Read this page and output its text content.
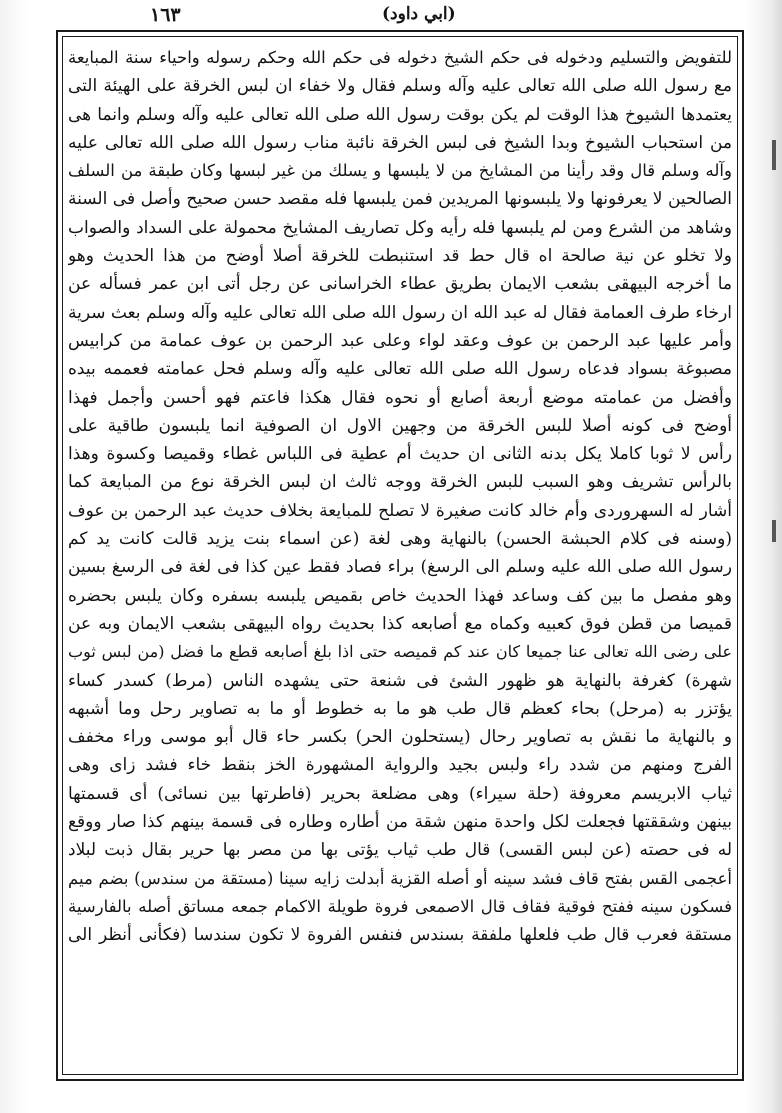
١٦٣	(ابي داود)
للتفويض والتسليم ودخوله فى حكم الشيخ دخوله فى حكم الله وحكم رسوله واحياء سنة المبايعة
مع رسول الله صلى الله تعالى عليه وآله وسلم فقال ولا خفاء ان لبس الخرقة على الهيئة التى
يعتمدها الشيوخ هذا الوقت لم يكن بوقت رسول الله صلى الله تعالى عليه وآله وسلم وانما هى
من استحباب الشيوخ وبدا الشيخ فى لبس الخرقة نائبة مناب رسول الله صلى الله تعالى عليه
وآله وسلم قال وقد رأينا من المشايخ من لا يلبسها و يسلك من غير لبسها وكان طبقة من السلف
الصالحين لا يعرفونها ولا يلبسونها المريدين فمن يلبسها فله مقصد حسن صحيح وأصل فى السنة
وشاهد من الشرع ومن لم يلبسها فله رأيه وكل تصاريف المشايخ محمولة على السداد والصواب
ولا تخلو عن نية صالحة اه قال حط قد استنبطت للخرقة أصلا أوضح من هذا الحديث وهو
ما أخرجه البيهقى بشعب الايمان بطريق عطاء الخراسانى عن رجل أتى ابن عمر فسأله عن
ارخاء طرف العمامة فقال له عبد الله ان رسول الله صلى الله تعالى عليه وآله وسلم بعث سرية
وأمر عليها عبد الرحمن بن عوف وعقد لواء وعلى عبد الرحمن بن عوف عمامة من كرابيس
مصبوغة بسواد فدعاه رسول الله صلى الله تعالى عليه وآله وسلم فحل عمامته فعممه بيده
وأفضل من عمامته موضع أربعة أصابع أو نحوه فقال هكذا فاعتم فهو أحسن وأجمل فهذا
أوضح فى كونه أصلا للبس الخرقة من وجهين الاول ان الصوفية انما يلبسون طاقية على
رأس لا ثوبا كاملا يكل بدنه الثانى ان حديث أم عطية فى اللباس غطاء وقميصا وكسوة وهذا
بالرأس تشريف وهو السبب للبس الخرقة ووجه ثالث ان لبس الخرقة نوع من المبايعة كما
أشار له السهروردى وأم خالد كانت صغيرة لا تصلح للمبايعة بخلاف حديث عبد الرحمن بن عوف
(وسنه فى كلام الحبشة الحسن) بالنهاية وهى لغة (عن اسماء بنت يزيد قالت كانت يد كم
رسول الله صلى الله عليه وسلم الى الرسغ) براء فصاد فقط عين كذا فى لغة فى الرسغ بسين
وهو مفصل ما بين كف وساعد فهذا الحديث خاص بقميص يلبسه بسفره وكان يلبس بحضره
قميصا من قطن فوق كعبيه وكماه مع أصابعه كذا بحديث رواه البيهقى بشعب الايمان وبه عن
على رضى الله تعالى عنا جميعا كان عند كم قميصه حتى اذا بلغ أصابعه قطع ما فضل (من لبس ثوب
شهرة) كغرفة بالنهاية هو ظهور الشئ فى شنعة حتى يشهده الناس (مرط) كسدر كساء
يؤتزر به (مرحل) بحاء كعظم قال طب هو ما به خطوط أو ما به تصاوير رحل وما أشبهه
و بالنهاية ما نقش به تصاوير رحال (يستحلون الحر) بكسر حاء قال أبو موسى وراء مخفف
الفرج ومنهم من شدد راء ولبس بجيد والرواية المشهورة الخز بنقط خاء فشد زاى وهى
ثياب الابريسم معروفة (حلة سيراء) وهى مضلعة بحرير (فاطرتها بين نسائى) أى قسمتها
بينهن وشققتها فجعلت لكل واحدة منهن شقة من أطاره وطاره فى قسمة بينهم كذا صار ووقع
له فى حصته (عن لبس القسى) قال طب ثياب يؤتى بها من مصر بها حرير بقال ذبت لبلاد
أعجمى القس بفتح قاف فشد سينه أو أصله القزية أبدلت زايه سينا (مستقة من سندس) بضم ميم
فسكون سينه ففتح فوقية فقاف قال الاصمعى فروة طويلة الاكمام جمعه مساتق أصله بالفارسية
مستقة فعرب قال طب فلعلها ملفقة بسندس فنفس الفروة لا تكون سندسا (فكأنى أنظر الى
